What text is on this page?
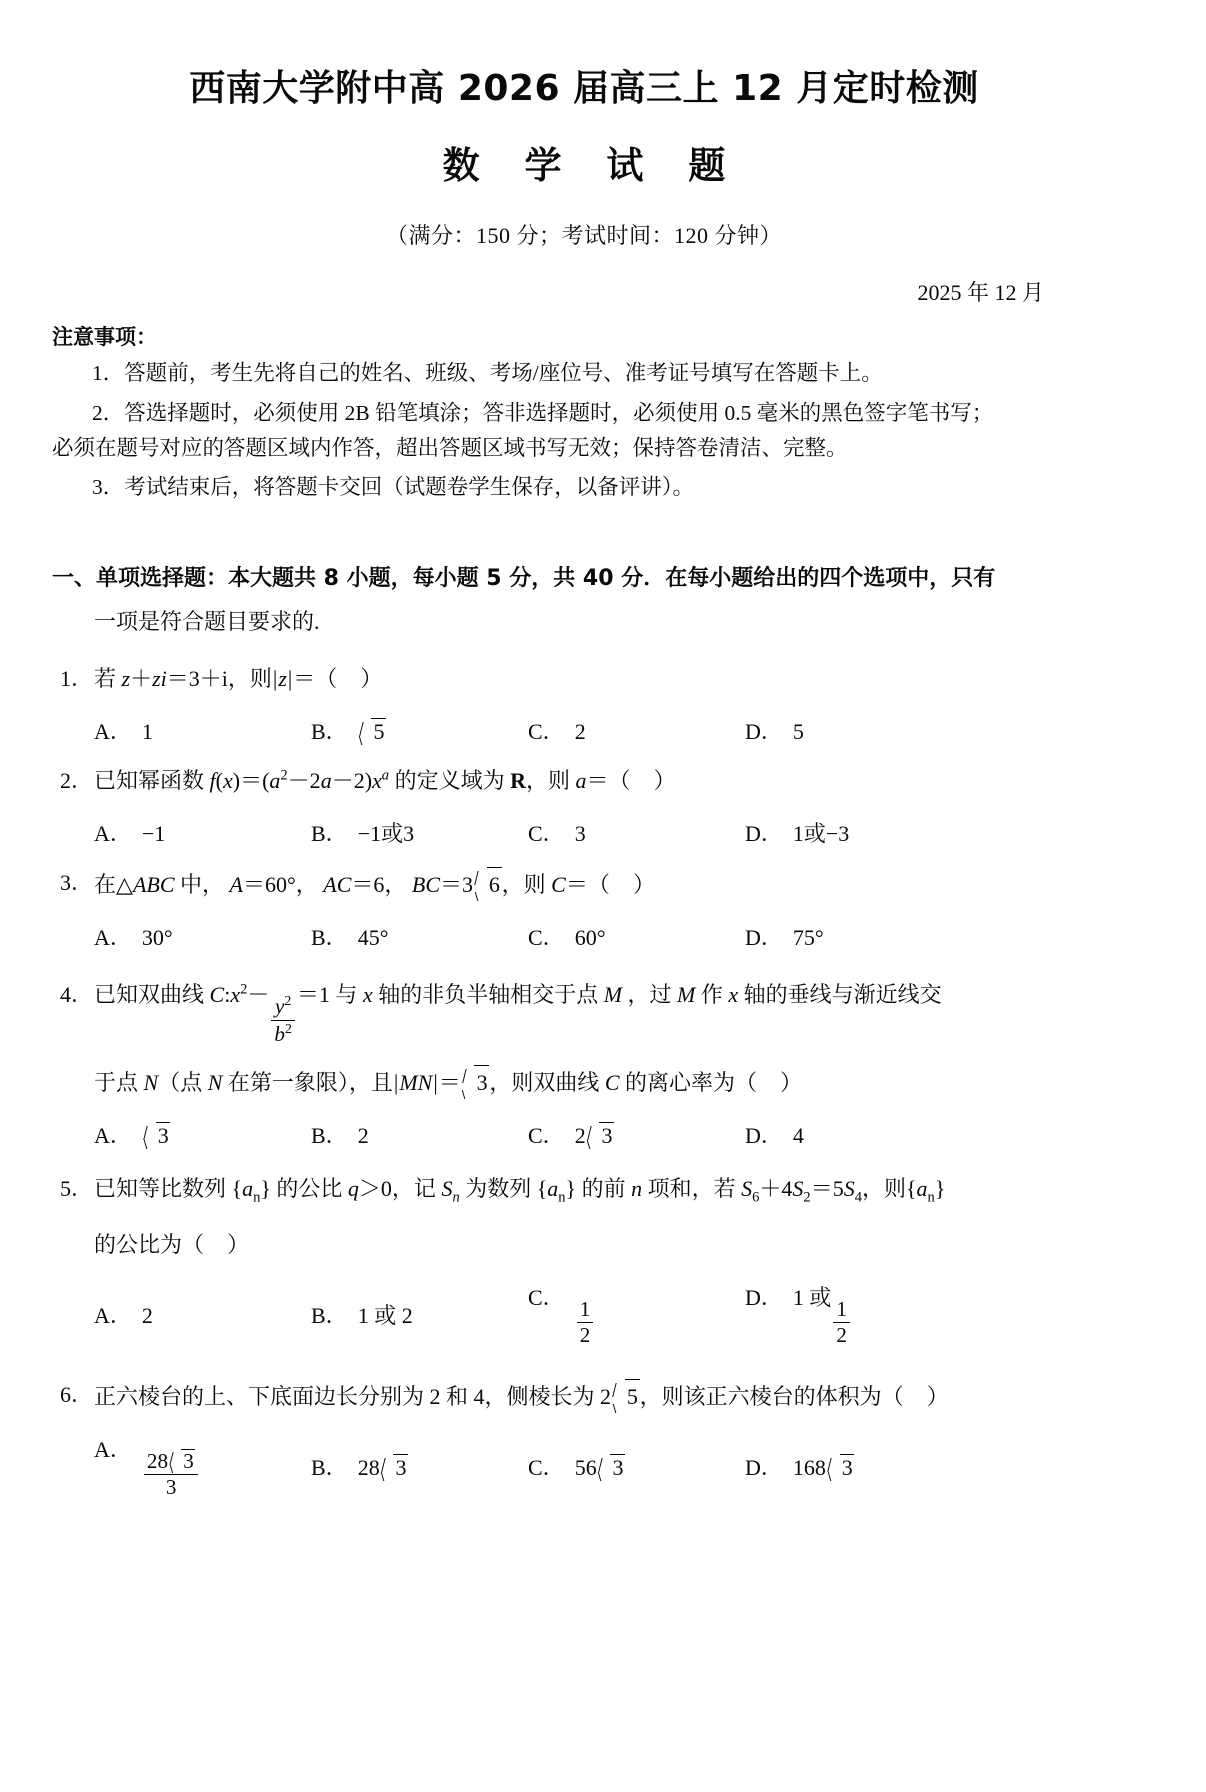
西南大学附中高 2026 届高三上 12 月定时检测
数 学 试 题
（满分：150 分；考试时间：120 分钟）
2025 年 12 月
注意事项：
1．答题前，考生先将自己的姓名、班级、考场/座位号、准考证号填写在答题卡上。
2．答选择题时，必须使用 2B 铅笔填涂；答非选择题时，必须使用 0.5 毫米的黑色签字笔书写；
必须在题号对应的答题区域内作答，超出答题区域书写无效；保持答卷清洁、完整。
3．考试结束后，将答题卡交回（试题卷学生保存，以备评讲）。
一、单项选择题：本大题共 8 小题，每小题 5 分，共 40 分．在每小题给出的四个选项中，只有
一项是符合题目要求的.
1． 若 z＋zi＝3＋i，则|z|＝（ ）
A． 1	B．	5	C． 2	D． 5
2． 已知幂函数 $f(x)=(a^2-2a-2)x^a$ 的定义域为 R，则 a＝（ ）
A． −1	B． −1或3	C． 3	D． 1或−3
3． 在△ABC 中， A＝60°， AC＝6， BC＝3 6，则 C＝（ ）
A． 30°	B． 45°	C． 60°	D． 75°
4． 已知双曲线 $C:x^2- \frac{y^2}{b^2} =1$ 与 x 轴的非负半轴相交于点 M ，过 M 作 x 轴的垂线与渐近线交
于点 N（点 N 在第一象限），且|MN|＝ 3，则双曲线 C 的离心率为（ ）
A．	3	B． 2	C． 2 3	D． 4
5． 已知等比数列 $\{a_n\}$ 的公比 q＞0，记 $S_n$ 为数列 $\{a_n\}$ 的前 n 项和，若 $S_6+4S_2=5S_4$，则$\{a_n\}$
的公比为（ ）
A． 2	B． 1 或 2
C．
$\frac{1}{2}$
D． 1 或
$\frac{1}{2}$
6． 正六棱台的上、下底面边长分别为 2 和 4，侧棱长为 2 5，则该正六棱台的体积为（ ）
A． $\frac{28 3}{3}$	B． 28 3	C． 56 3	D． 168 3
